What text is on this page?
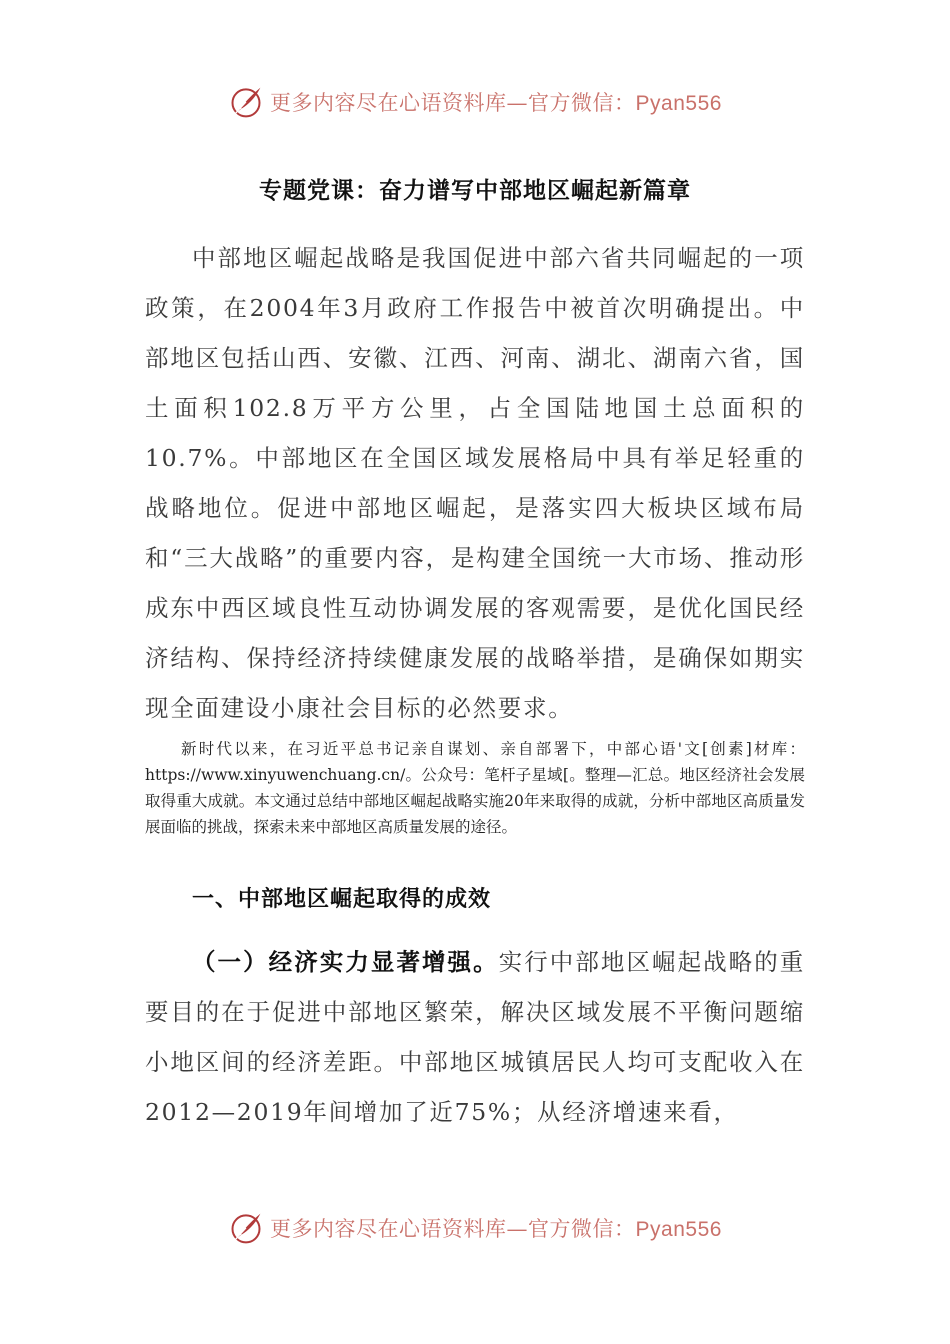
更多内容尽在心语资料库—官方微信：Pyan556
专题党课：奋力谱写中部地区崛起新篇章

中部地区崛起战略是我国促进中部六省共同崛起的一项政策，在2004年3月政府工作报告中被首次明确提出。中部地区包括山西、安徽、江西、河南、湖北、湖南六省，国土面积102.8万平方公里，占全国陆地国土总面积的10.7%。中部地区在全国区域发展格局中具有举足轻重的战略地位。促进中部地区崛起，是落实四大板块区域布局和“三大战略”的重要内容，是构建全国统一大市场、推动形成东中西区域良性互动协调发展的客观需要，是优化国民经济结构、保持经济持续健康发展的战略举措，是确保如期实现全面建设小康社会目标的必然要求。

新时代以来，在习近平总书记亲自谋划、亲自部署下，中部心语'文[创素]材库：https://www.xinyuwenchuang.cn/。公众号：笔杆子星域[。整理—汇总。地区经济社会发展取得重大成就。本文通过总结中部地区崛起战略实施20年来取得的成就，分析中部地区高质量发展面临的挑战，探索未来中部地区高质量发展的途径。

一、中部地区崛起取得的成效

（一）经济实力显著增强。实行中部地区崛起战略的重要目的在于促进中部地区繁荣，解决区域发展不平衡问题缩小地区间的经济差距。中部地区城镇居民人均可支配收入在2012—2019年间增加了近75%；从经济增速来看，

更多内容尽在心语资料库—官方微信：Pyan556
